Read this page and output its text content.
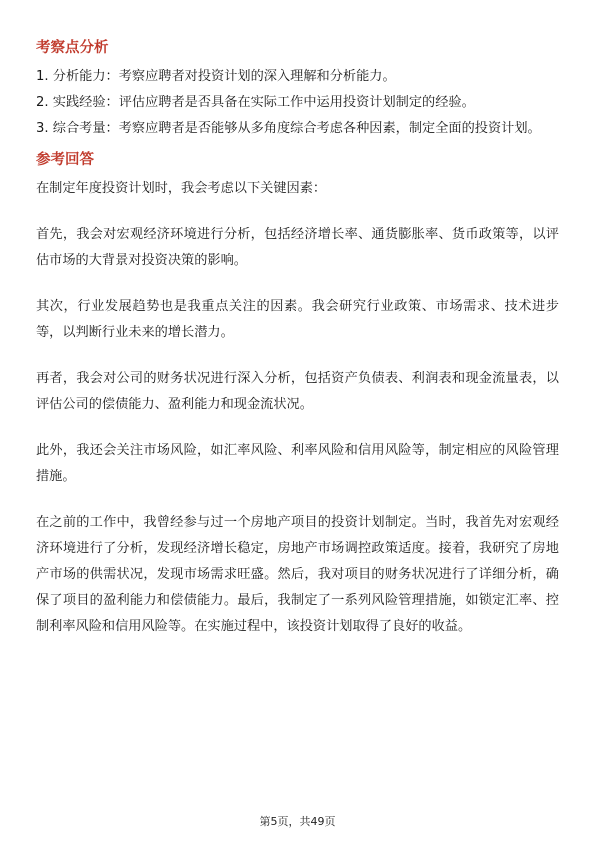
考察点分析

1. 分析能力：考察应聘者对投资计划的深入理解和分析能力。

2. 实践经验：评估应聘者是否具备在实际工作中运用投资计划制定的经验。

3. 综合考量：考察应聘者是否能够从多角度综合考虑各种因素，制定全面的投资计划。

参考回答

在制定年度投资计划时，我会考虑以下关键因素：

首先，我会对宏观经济环境进行分析，包括经济增长率、通货膨胀率、货币政策等，以评估市场的大背景对投资决策的影响。

其次，行业发展趋势也是我重点关注的因素。我会研究行业政策、市场需求、技术进步等，以判断行业未来的增长潜力。

再者，我会对公司的财务状况进行深入分析，包括资产负债表、利润表和现金流量表，以评估公司的偿债能力、盈利能力和现金流状况。

此外，我还会关注市场风险，如汇率风险、利率风险和信用风险等，制定相应的风险管理措施。

在之前的工作中，我曾经参与过一个房地产项目的投资计划制定。当时，我首先对宏观经济环境进行了分析，发现经济增长稳定，房地产市场调控政策适度。接着，我研究了房地产市场的供需状况，发现市场需求旺盛。然后，我对项目的财务状况进行了详细分析，确保了项目的盈利能力和偿债能力。最后，我制定了一系列风险管理措施，如锁定汇率、控制利率风险和信用风险等。在实施过程中，该投资计划取得了良好的收益。

第5页，共49页
